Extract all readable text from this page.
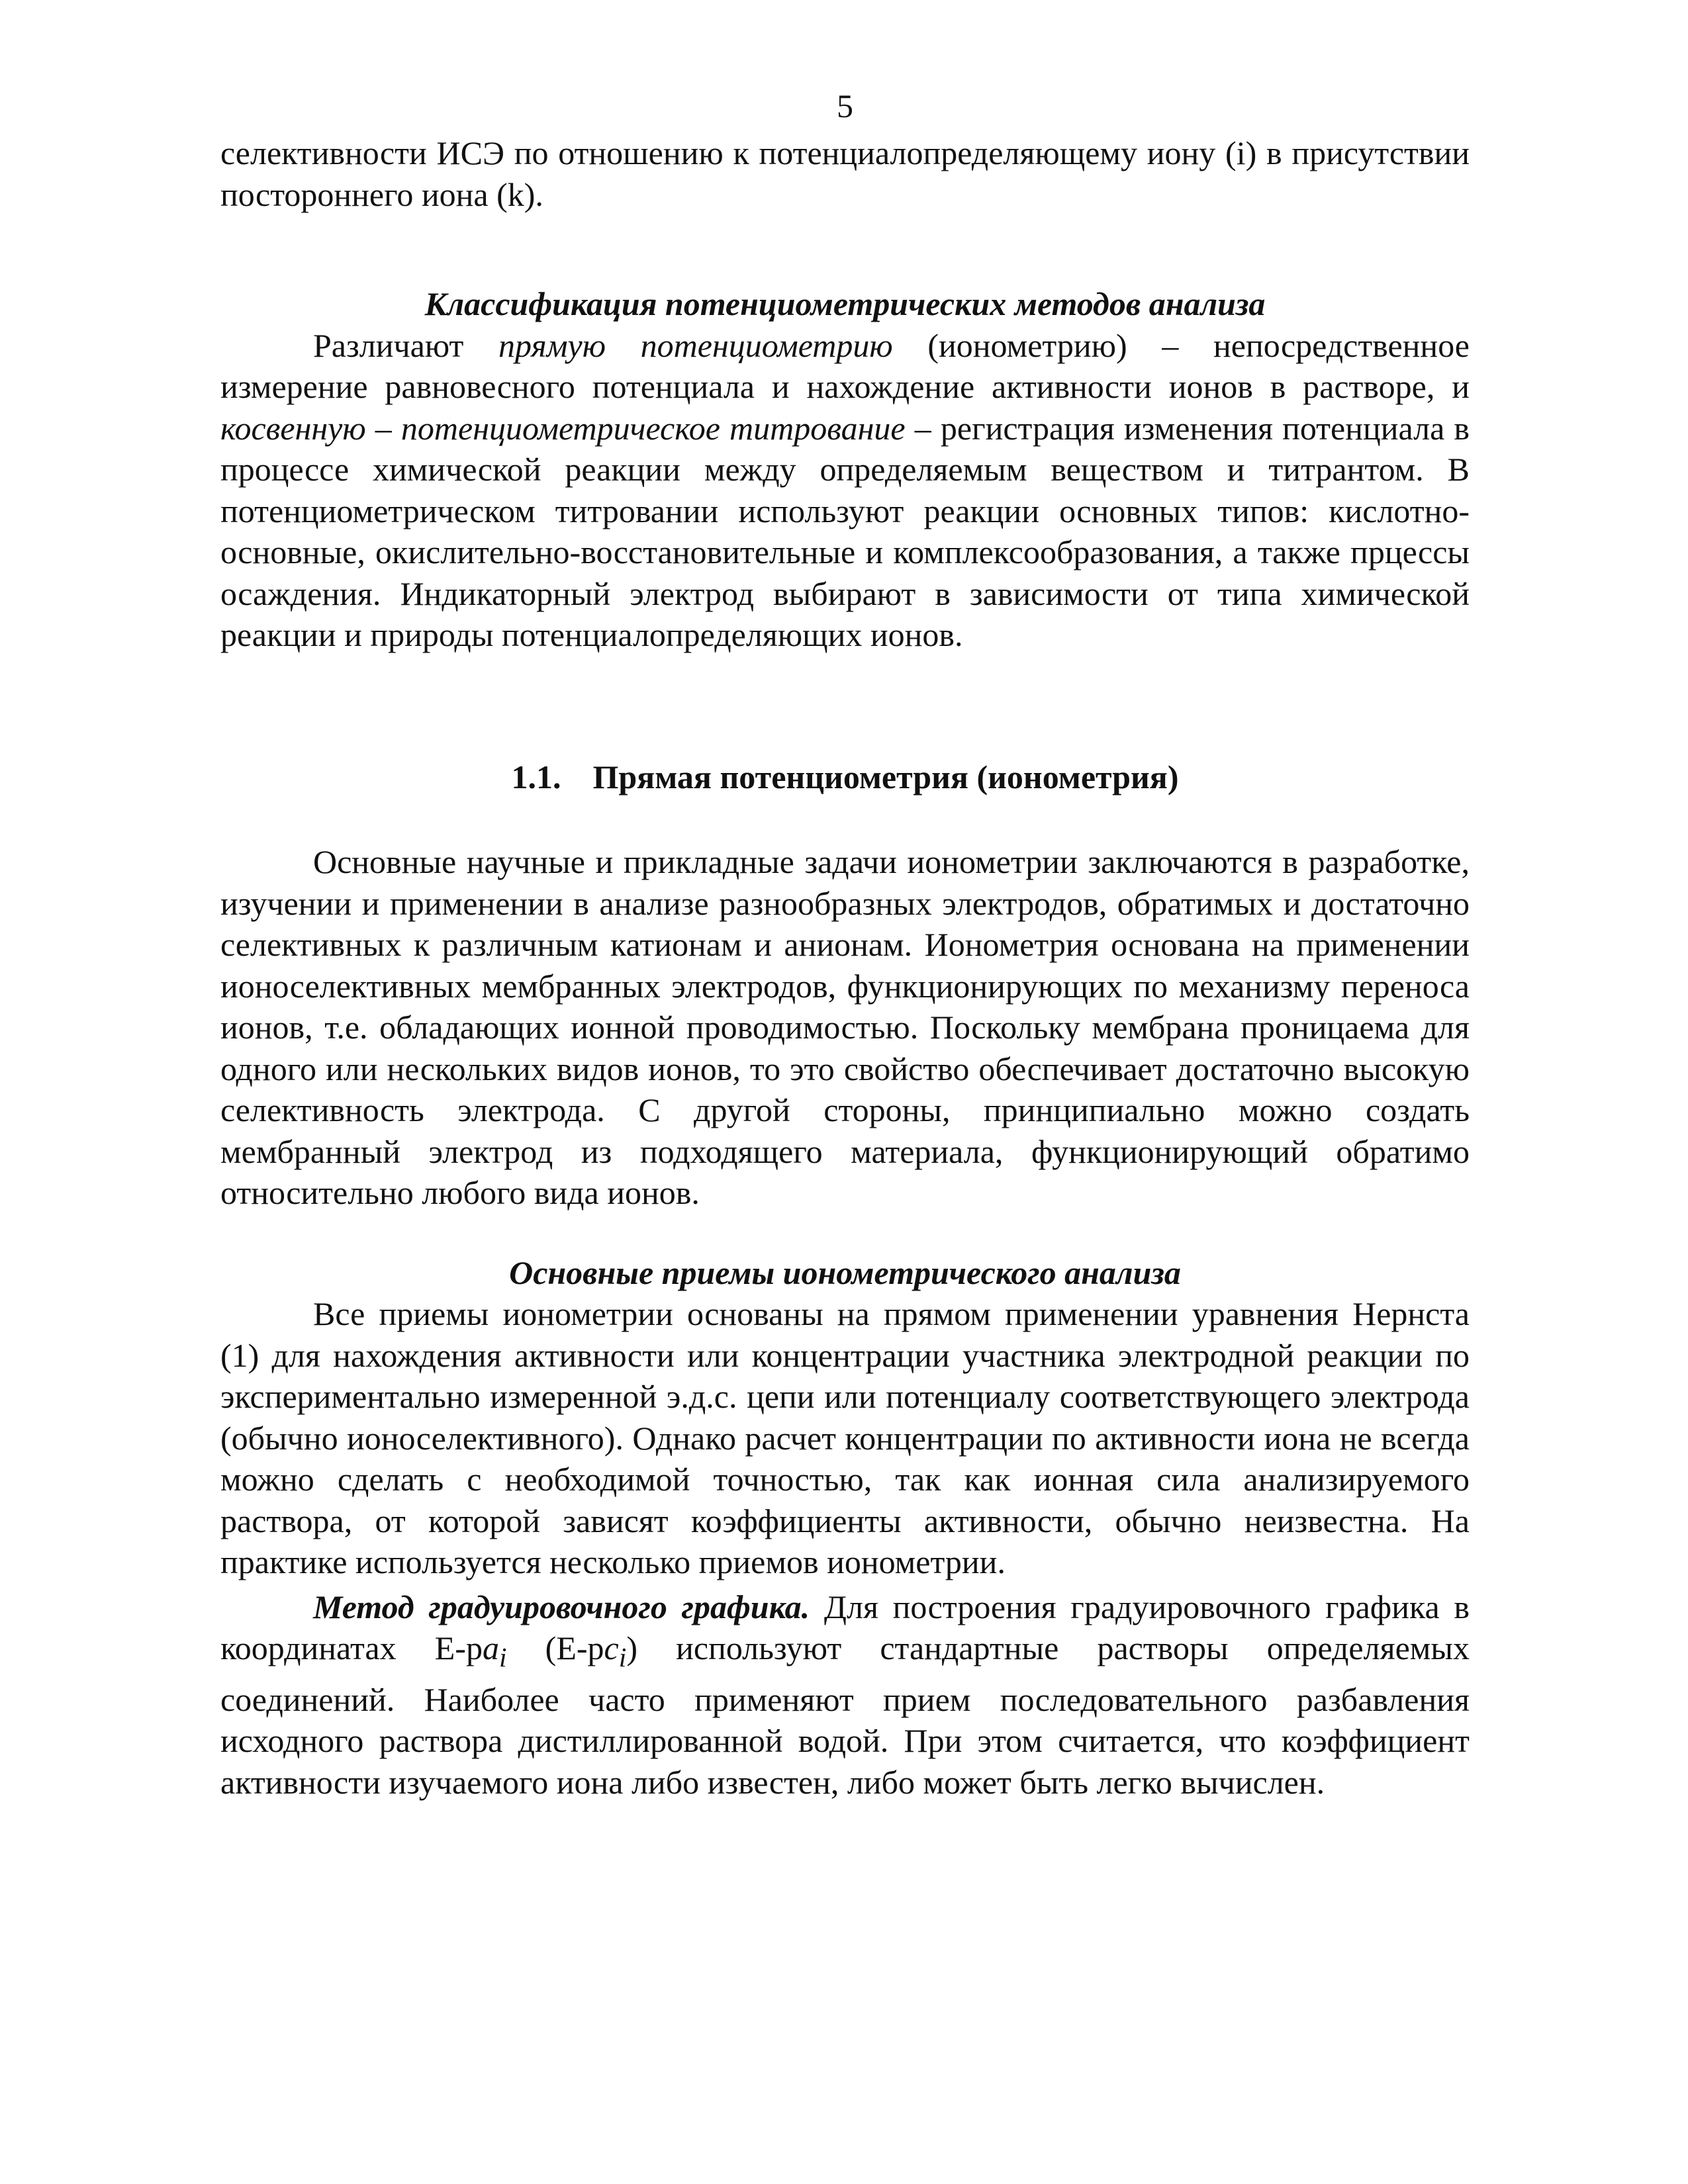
5

селективности ИСЭ по отношению к потенциалопределяющему иону (i) в присутствии постороннего иона (k).

Классификация потенциометрических методов анализа

Различают прямую потенциометрию (ионометрию) – непосредственное измерение равновесного потенциала и нахождение активности ионов в растворе, и косвенную – потенциометрическое титрование – регистрация изменения потенциала в процессе химической реакции между определяемым веществом и титрантом. В потенциометрическом титровании используют реакции основных типов: кислотно-основные, окислительно-восстановительные и комплексообразования, а также прцессы осаждения. Индикаторный электрод выбирают в зависимости от типа химической реакции и природы потенциалопределяющих ионов.

1.1. Прямая потенциометрия (ионометрия)

Основные научные и прикладные задачи ионометрии заключаются в разработке, изучении и применении в анализе разнообразных электродов, обратимых и достаточно селективных к различным катионам и анионам. Ионометрия основана на применении ионоселективных мембранных электродов, функционирующих по механизму переноса ионов, т.е. обладающих ионной проводимостью. Поскольку мембрана проницаема для одного или нескольких видов ионов, то это свойство обеспечивает достаточно высокую селективность электрода. С другой стороны, принципиально можно создать мембранный электрод из подходящего материала, функционирующий обратимо относительно любого вида ионов.

Основные приемы ионометрического анализа

Все приемы ионометрии основаны на прямом применении уравнения Нернста (1) для нахождения активности или концентрации участника электродной реакции по экспериментально измеренной э.д.с. цепи или потенциалу соответствующего электрода (обычно ионоселективного). Однако расчет концентрации по активности иона не всегда можно сделать с необходимой точностью, так как ионная сила анализируемого раствора, от которой зависят коэффициенты активности, обычно неизвестна. На практике используется несколько приемов ионометрии.

Метод градуировочного графика. Для построения градуировочного графика в координатах $Е-рa_i$ $(Е-рc_i)$ используют стандартные растворы определяемых соединений. Наиболее часто применяют прием последовательного разбавления исходного раствора дистиллированной водой. При этом считается, что коэффициент активности изучаемого иона либо известен, либо может быть легко вычислен.
